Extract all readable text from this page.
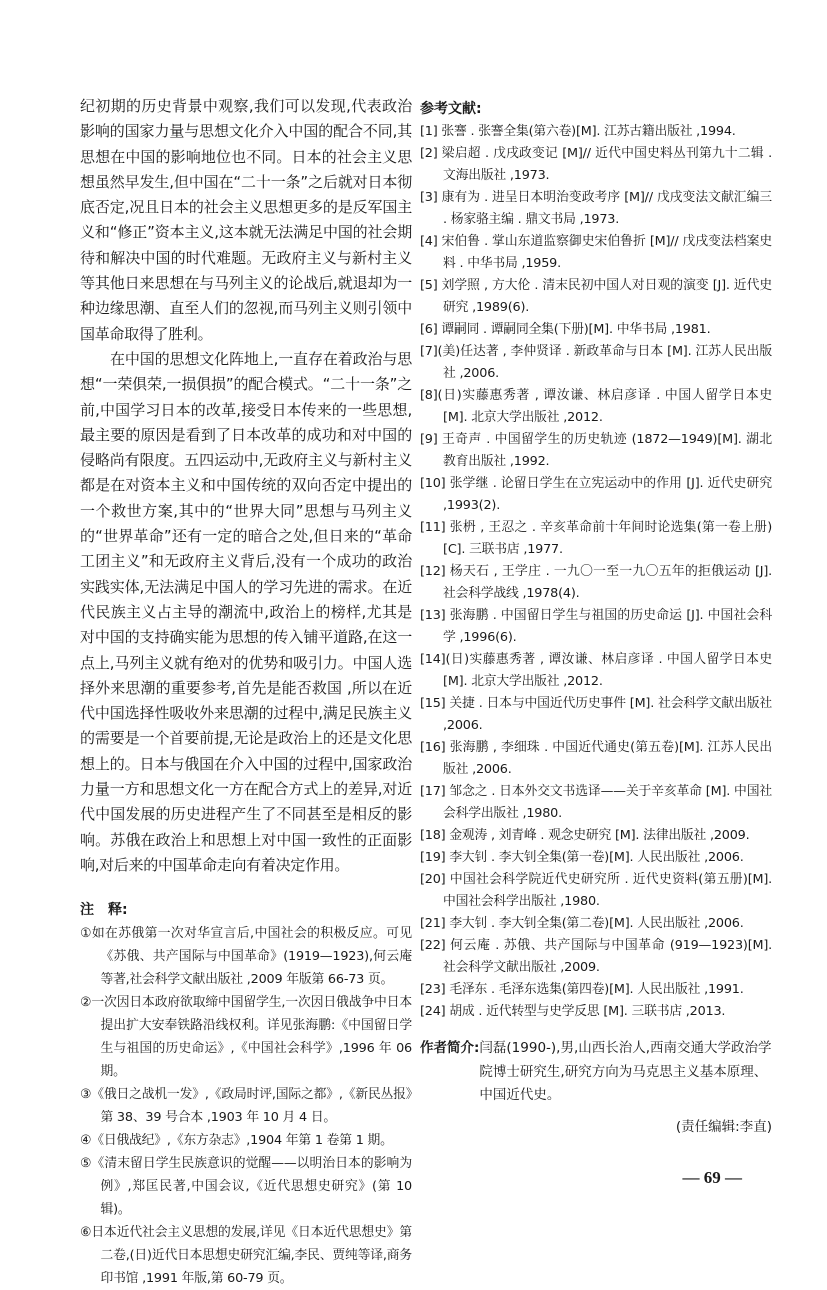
纪初期的历史背景中观察,我们可以发现,代表政治影响的国家力量与思想文化介入中国的配合不同,其思想在中国的影响地位也不同。日本的社会主义思想虽然早发生,但中国在“二十一条”之后就对日本彻底否定,况且日本的社会主义思想更多的是反军国主义和“修正”资本主义,这本就无法满足中国的社会期待和解决中国的时代难题。无政府主义与新村主义等其他日来思想在与马列主义的论战后,就退却为一种边缘思潮、直至人们的忽视,而马列主义则引领中国革命取得了胜利。

在中国的思想文化阵地上,一直存在着政治与思想“一荣俱荣,一损俱损”的配合模式。“二十一条”之前,中国学习日本的改革,接受日本传来的一些思想,最主要的原因是看到了日本改革的成功和对中国的侵略尚有限度。五四运动中,无政府主义与新村主义都是在对资本主义和中国传统的双向否定中提出的一个救世方案,其中的“世界大同”思想与马列主义的“世界革命”还有一定的暗合之处,但日来的“革命工团主义”和无政府主义背后,没有一个成功的政治实践实体,无法满足中国人的学习先进的需求。在近代民族主义占主导的潮流中,政治上的榜样,尤其是对中国的支持确实能为思想的传入铺平道路,在这一点上,马列主义就有绝对的优势和吸引力。中国人选择外来思潮的重要参考,首先是能否救国 ,所以在近代中国选择性吸收外来思潮的过程中,满足民族主义的需要是一个首要前提,无论是政治上的还是文化思想上的。日本与俄国在介入中国的过程中,国家政治力量一方和思想文化一方在配合方式上的差异,对近代中国发展的历史进程产生了不同甚至是相反的影响。苏俄在政治上和思想上对中国一致性的正面影响,对后来的中国革命走向有着决定作用。

注　释:

①如在苏俄第一次对华宣言后,中国社会的积极反应。可见《苏俄、共产国际与中国革命》(1919—1923),何云庵等著,社会科学文献出版社 ,2009 年版第 66-73 页。

②一次因日本政府欲取缔中国留学生,一次因日俄战争中日本提出扩大安奉铁路沿线权利。详见张海鹏:《中国留日学生与祖国的历史命运》,《中国社会科学》,1996 年 06 期。

③《俄日之战机一发》,《政局时评,国际之都》,《新民丛报》第 38、39 号合本 ,1903 年 10 月 4 日。

④《日俄战纪》,《东方杂志》,1904 年第 1 卷第 1 期。

⑤《清末留日学生民族意识的觉醒——以明治日本的影响为例》,郑匡民著,中国会议,《近代思想史研究》(第 10 辑)。

⑥日本近代社会主义思想的发展,详见《日本近代思想史》第二卷,(日)近代日本思想史研究汇编,李民、贾纯等译,商务印书馆 ,1991 年版,第 60-79 页。

参考文献:

[1] 张謇 . 张謇全集(第六卷)[M]. 江苏古籍出版社 ,1994.

[2] 梁启超 . 戊戌政变记 [M]// 近代中国史料丛刊第九十二辑 . 文海出版社 ,1973.

[3] 康有为 . 进呈日本明治变政考序 [M]// 戊戌变法文献汇编三 . 杨家骆主编 . 鼎文书局 ,1973.

[4] 宋伯鲁 . 掌山东道监察御史宋伯鲁折 [M]// 戊戌变法档案史料 . 中华书局 ,1959.

[5] 刘学照 , 方大伦 . 清末民初中国人对日观的演变 [J]. 近代史研究 ,1989(6).

[6] 谭嗣同 . 谭嗣同全集(下册)[M]. 中华书局 ,1981.

[7](美)任达著 , 李仲贤译 . 新政革命与日本 [M]. 江苏人民出版社 ,2006.

[8](日)实藤惠秀著 , 谭汝谦、林启彦译 . 中国人留学日本史 [M]. 北京大学出版社 ,2012.

[9] 王奇声 . 中国留学生的历史轨迹 (1872—1949)[M]. 湖北教育出版社 ,1992.

[10] 张学继 . 论留日学生在立宪运动中的作用 [J]. 近代史研究 ,1993(2).

[11] 张枬 , 王忍之 . 辛亥革命前十年间时论选集(第一卷上册)[C]. 三联书店 ,1977.

[12] 杨天石 , 王学庄 . 一九〇一至一九〇五年的拒俄运动 [J]. 社会科学战线 ,1978(4).

[13] 张海鹏 . 中国留日学生与祖国的历史命运 [J]. 中国社会科学 ,1996(6).

[14](日)实藤惠秀著 , 谭汝谦、林启彦译 . 中国人留学日本史 [M]. 北京大学出版社 ,2012.

[15] 关捷 . 日本与中国近代历史事件 [M]. 社会科学文献出版社 ,2006.

[16] 张海鹏 , 李细珠 . 中国近代通史(第五卷)[M]. 江苏人民出版社 ,2006.

[17] 邹念之 . 日本外交文书选译——关于辛亥革命 [M]. 中国社会科学出版社 ,1980.

[18] 金观涛 , 刘青峰 . 观念史研究 [M]. 法律出版社 ,2009.

[19] 李大钊 . 李大钊全集(第一卷)[M]. 人民出版社 ,2006.

[20] 中国社会科学院近代史研究所 . 近代史资料(第五册)[M]. 中国社会科学出版社 ,1980.

[21] 李大钊 . 李大钊全集(第二卷)[M]. 人民出版社 ,2006.

[22] 何云庵 . 苏俄、共产国际与中国革命 (919—1923)[M]. 社会科学文献出版社 ,2009.

[23] 毛泽东 . 毛泽东选集(第四卷)[M]. 人民出版社 ,1991.

[24] 胡成 . 近代转型与史学反思 [M]. 三联书店 ,2013.

作者简介: 闫磊(1990-),男,山西长治人,西南交通大学政治学院博士研究生,研究方向为马克思主义基本原理、中国近代史。
(责任编辑:李直)
— 69 —
